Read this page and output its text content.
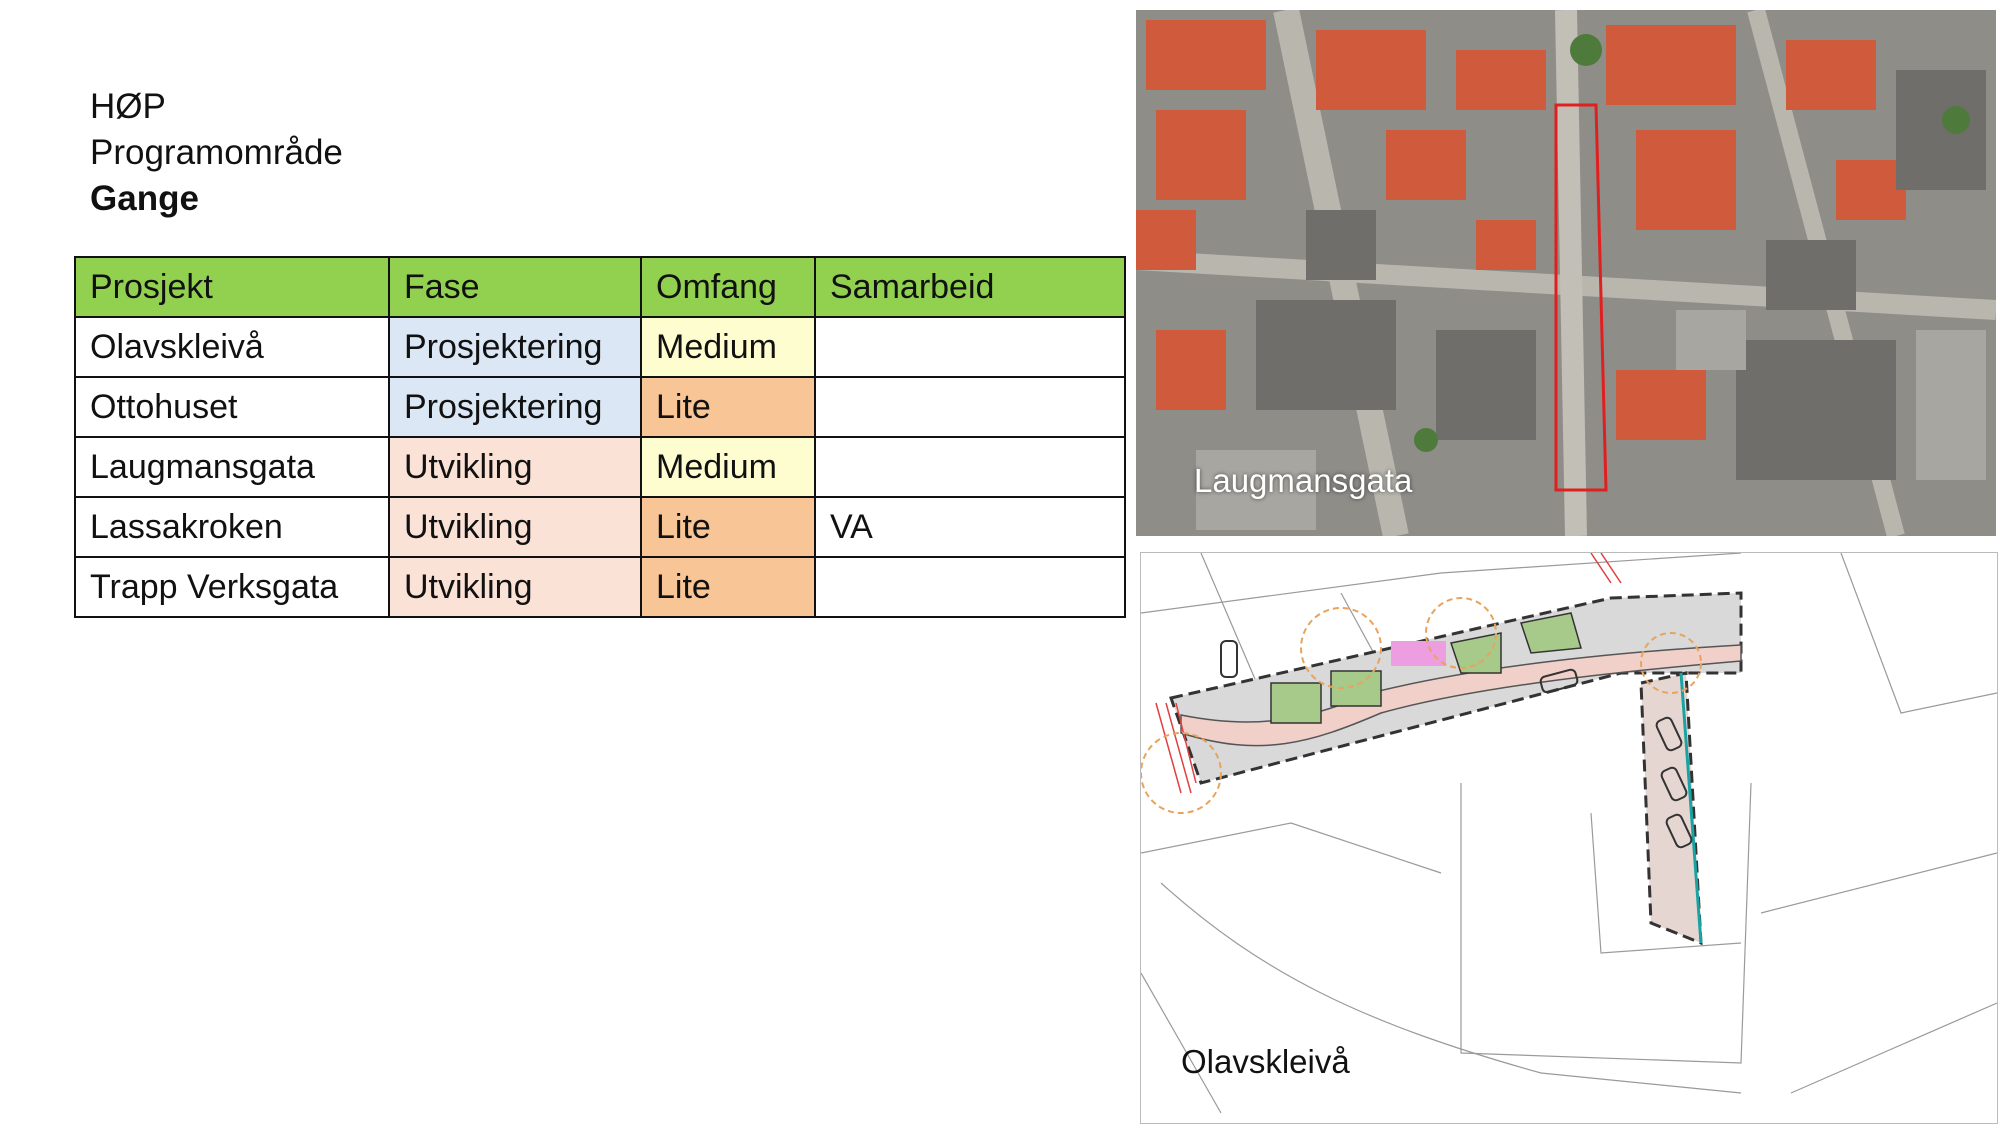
HØP
Programområde
Gange
Prosjekt	Fase	Omfang	Samarbeid
Olavskleivå	Prosjektering	Medium	
Ottohuset	Prosjektering	Lite	
Laugmansgata	Utvikling	Medium	
Lassakroken	Utvikling	Lite	VA
Trapp Verksgata	Utvikling	Lite	
Laugmansgata
Olavskleivå
